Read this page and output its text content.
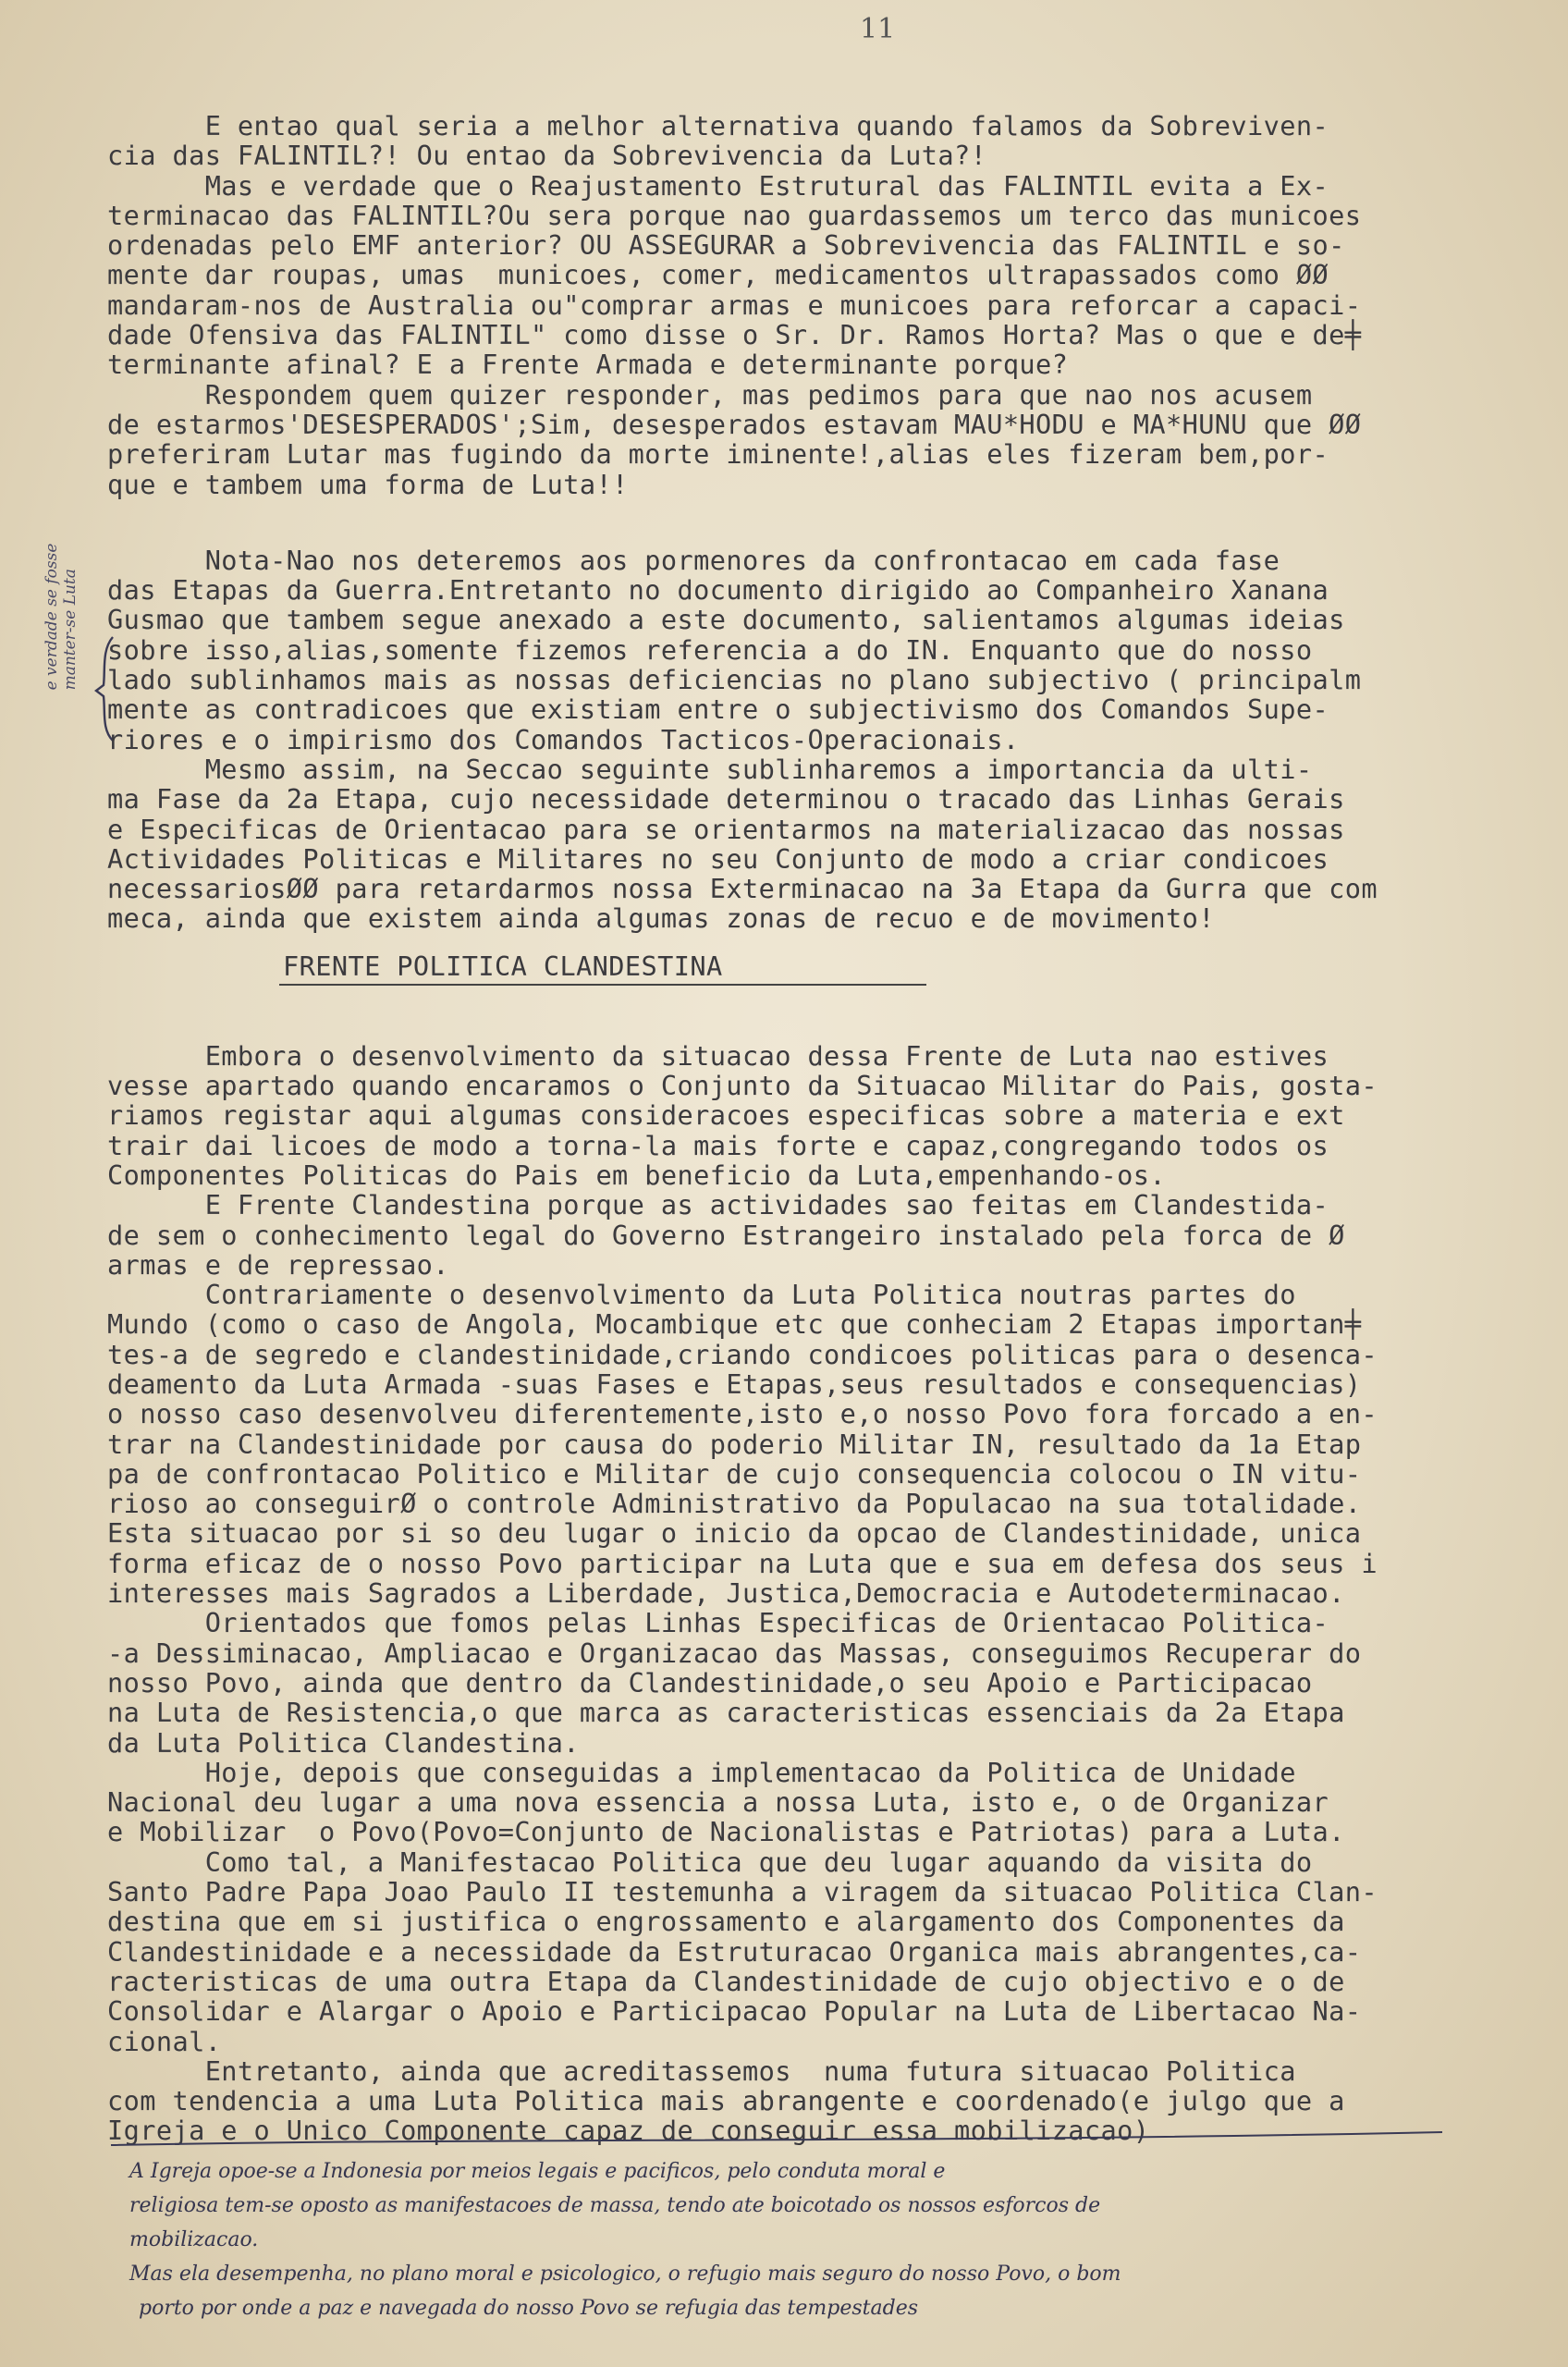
11
e verdade se fosse
manter-se Luta
E entao qual seria a melhor alternativa quando falamos da Sobreviven-
cia das FALINTIL?! Ou entao da Sobrevivencia da Luta?!
Mas e verdade que o Reajustamento Estrutural das FALINTIL evita a Ex-
terminacao das FALINTIL?Ou sera porque nao guardassemos um terco das municoes
ordenadas pelo EMF anterior? OU ASSEGURAR a Sobrevivencia das FALINTIL e so-
mente dar roupas, umas  municoes, comer, medicamentos ultrapassados como ØØ
mandaram-nos de Australia ou"comprar armas e municoes para reforcar a capaci-
dade Ofensiva das FALINTIL" como disse o Sr. Dr. Ramos Horta? Mas o que e de╪
terminante afinal? E a Frente Armada e determinante porque?
Respondem quem quizer responder, mas pedimos para que nao nos acusem
de estarmos'DESESPERADOS';Sim, desesperados estavam MAU*HODU e MA*HUNU que ØØ
preferiram Lutar mas fugindo da morte iminente!,alias eles fizeram bem,por-
que e tambem uma forma de Luta!!
Nota-Nao nos deteremos aos pormenores da confrontacao em cada fase
das Etapas da Guerra.Entretanto no documento dirigido ao Companheiro Xanana
Gusmao que tambem segue anexado a este documento, salientamos algumas ideias
sobre isso,alias,somente fizemos referencia a do IN. Enquanto que do nosso
lado sublinhamos mais as nossas deficiencias no plano subjectivo ( principalm
mente as contradicoes que existiam entre o subjectivismo dos Comandos Supe-
riores e o impirismo dos Comandos Tacticos-Operacionais.
Mesmo assim, na Seccao seguinte sublinharemos a importancia da ulti-
ma Fase da 2a Etapa, cujo necessidade determinou o tracado das Linhas Gerais
e Especificas de Orientacao para se orientarmos na materializacao das nossas
Actividades Politicas e Militares no seu Conjunto de modo a criar condicoes
necessariosØØ para retardarmos nossa Exterminacao na 3a Etapa da Gurra que com
meca, ainda que existem ainda algumas zonas de recuo e de movimento!
FRENTE POLITICA CLANDESTINA
Embora o desenvolvimento da situacao dessa Frente de Luta nao estives
vesse apartado quando encaramos o Conjunto da Situacao Militar do Pais, gosta-
riamos registar aqui algumas consideracoes especificas sobre a materia e ext
trair dai licoes de modo a torna-la mais forte e capaz,congregando todos os
Componentes Politicas do Pais em beneficio da Luta,empenhando-os.
E Frente Clandestina porque as actividades sao feitas em Clandestida-
de sem o conhecimento legal do Governo Estrangeiro instalado pela forca de Ø
armas e de repressao.
Contrariamente o desenvolvimento da Luta Politica noutras partes do
Mundo (como o caso de Angola, Mocambique etc que conheciam 2 Etapas importan╪
tes-a de segredo e clandestinidade,criando condicoes politicas para o desenca-
deamento da Luta Armada -suas Fases e Etapas,seus resultados e consequencias)
o nosso caso desenvolveu diferentemente,isto e,o nosso Povo fora forcado a en-
trar na Clandestinidade por causa do poderio Militar IN, resultado da 1a Etap
pa de confrontacao Politico e Militar de cujo consequencia colocou o IN vitu-
rioso ao conseguirØ o controle Administrativo da Populacao na sua totalidade.
Esta situacao por si so deu lugar o inicio da opcao de Clandestinidade, unica
forma eficaz de o nosso Povo participar na Luta que e sua em defesa dos seus i
interesses mais Sagrados a Liberdade, Justica,Democracia e Autodeterminacao.
Orientados que fomos pelas Linhas Especificas de Orientacao Politica-
-a Dessiminacao, Ampliacao e Organizacao das Massas, conseguimos Recuperar do
nosso Povo, ainda que dentro da Clandestinidade,o seu Apoio e Participacao
na Luta de Resistencia,o que marca as caracteristicas essenciais da 2a Etapa
da Luta Politica Clandestina.
Hoje, depois que conseguidas a implementacao da Politica de Unidade
Nacional deu lugar a uma nova essencia a nossa Luta, isto e, o de Organizar
e Mobilizar  o Povo(Povo=Conjunto de Nacionalistas e Patriotas) para a Luta.
Como tal, a Manifestacao Politica que deu lugar aquando da visita do
Santo Padre Papa Joao Paulo II testemunha a viragem da situacao Politica Clan-
destina que em si justifica o engrossamento e alargamento dos Componentes da
Clandestinidade e a necessidade da Estruturacao Organica mais abrangentes,ca-
racteristicas de uma outra Etapa da Clandestinidade de cujo objectivo e o de
Consolidar e Alargar o Apoio e Participacao Popular na Luta de Libertacao Na-
cional.
Entretanto, ainda que acreditassemos  numa futura situacao Politica
com tendencia a uma Luta Politica mais abrangente e coordenado(e julgo que a
Igreja e o Unico Componente capaz de conseguir essa mobilizacao)
A Igreja opoe-se a Indonesia por meios legais e pacificos, pelo conduta moral e
religiosa tem-se oposto as manifestacoes de massa, tendo ate boicotado os nossos esforcos de
mobilizacao.
Mas ela desempenha, no plano moral e psicologico, o refugio mais seguro do nosso Povo, o bom
porto por onde a paz e navegada do nosso Povo se refugia das tempestades
